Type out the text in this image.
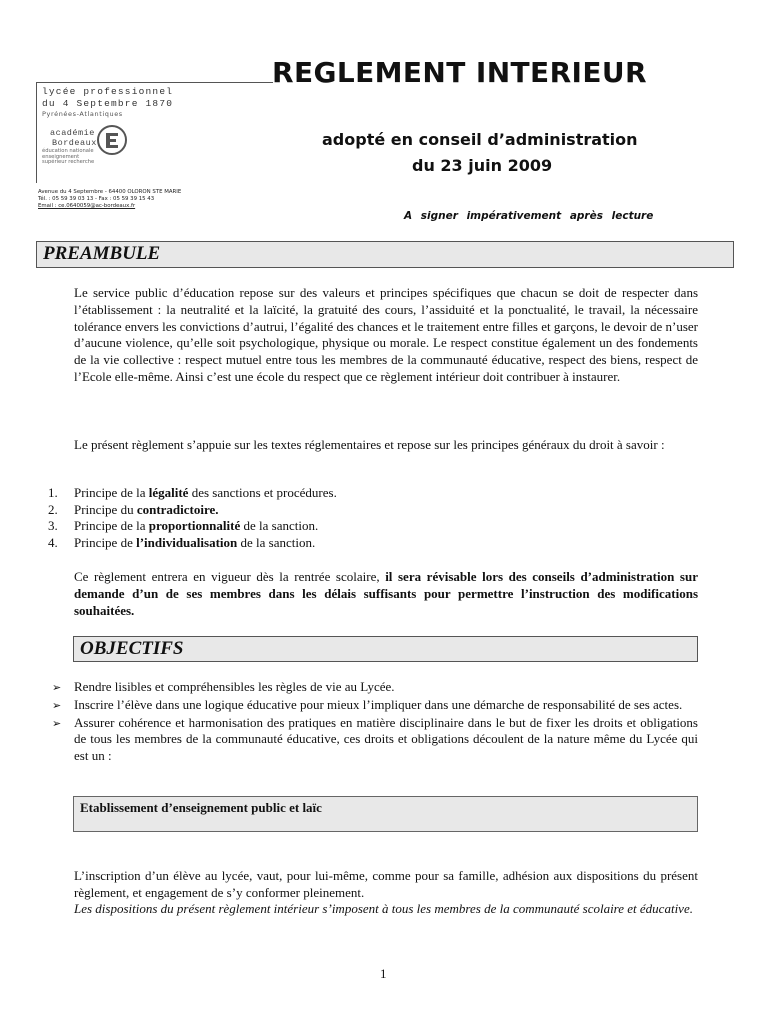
lycée professionnel
du 4 Septembre 1870
Pyrénées-Atlantiques
académie
Bordeaux
éducation nationale enseignement supérieur recherche
Avenue du 4 Septembre - 64400 OLORON STE MARIE
Tél. : 05 59 39 03 13 - Fax : 05 59 39 15 43
Email : ce.0640059@ac-bordeaux.fr
REGLEMENT INTERIEUR
adopté en conseil d’administration
du 23 juin 2009
A signer impérativement après lecture
PREAMBULE
Le service public d’éducation repose sur des valeurs et principes spécifiques que chacun se doit de respecter dans l’établissement : la neutralité et la laïcité, la gratuité des cours, l’assiduité et la ponctualité, le travail, la nécessaire tolérance envers les convictions d’autrui, l’égalité des chances et le traitement entre filles et garçons, le devoir de n’user d’aucune violence, qu’elle soit psychologique, physique ou morale. Le respect constitue également un des fondements de la vie collective : respect mutuel entre tous les membres de la communauté éducative, respect des biens, respect de l’Ecole elle-même. Ainsi c’est une école du respect que ce règlement intérieur doit contribuer à instaurer.
Le présent règlement s’appuie sur les textes réglementaires et repose sur les principes généraux du droit à savoir :
1.	Principe de la légalité des sanctions et procédures.
2.	Principe du contradictoire.
3.	Principe de la proportionnalité de la sanction.
4.	Principe de l’individualisation de la sanction.
Ce règlement entrera en vigueur dès la rentrée scolaire, il sera révisable lors des conseils d’administration sur demande d’un de ses membres dans les délais suffisants pour permettre l’instruction des modifications souhaitées.
OBJECTIFS
➢ Rendre lisibles et compréhensibles les règles de vie au Lycée.
➢ Inscrire l’élève dans une logique éducative pour mieux l’impliquer dans une démarche de responsabilité de ses actes.
➢ Assurer cohérence et harmonisation des pratiques en matière disciplinaire dans le but de fixer les droits et obligations de tous les membres de la communauté éducative, ces droits et obligations découlent de la nature même du Lycée qui est un :
Etablissement d’enseignement public et laïc
L’inscription d’un élève au lycée, vaut, pour lui-même, comme pour sa famille, adhésion aux dispositions du présent règlement, et engagement de s’y conformer pleinement.
Les dispositions du présent règlement intérieur s’imposent à tous les membres de la communauté scolaire et éducative.
1
